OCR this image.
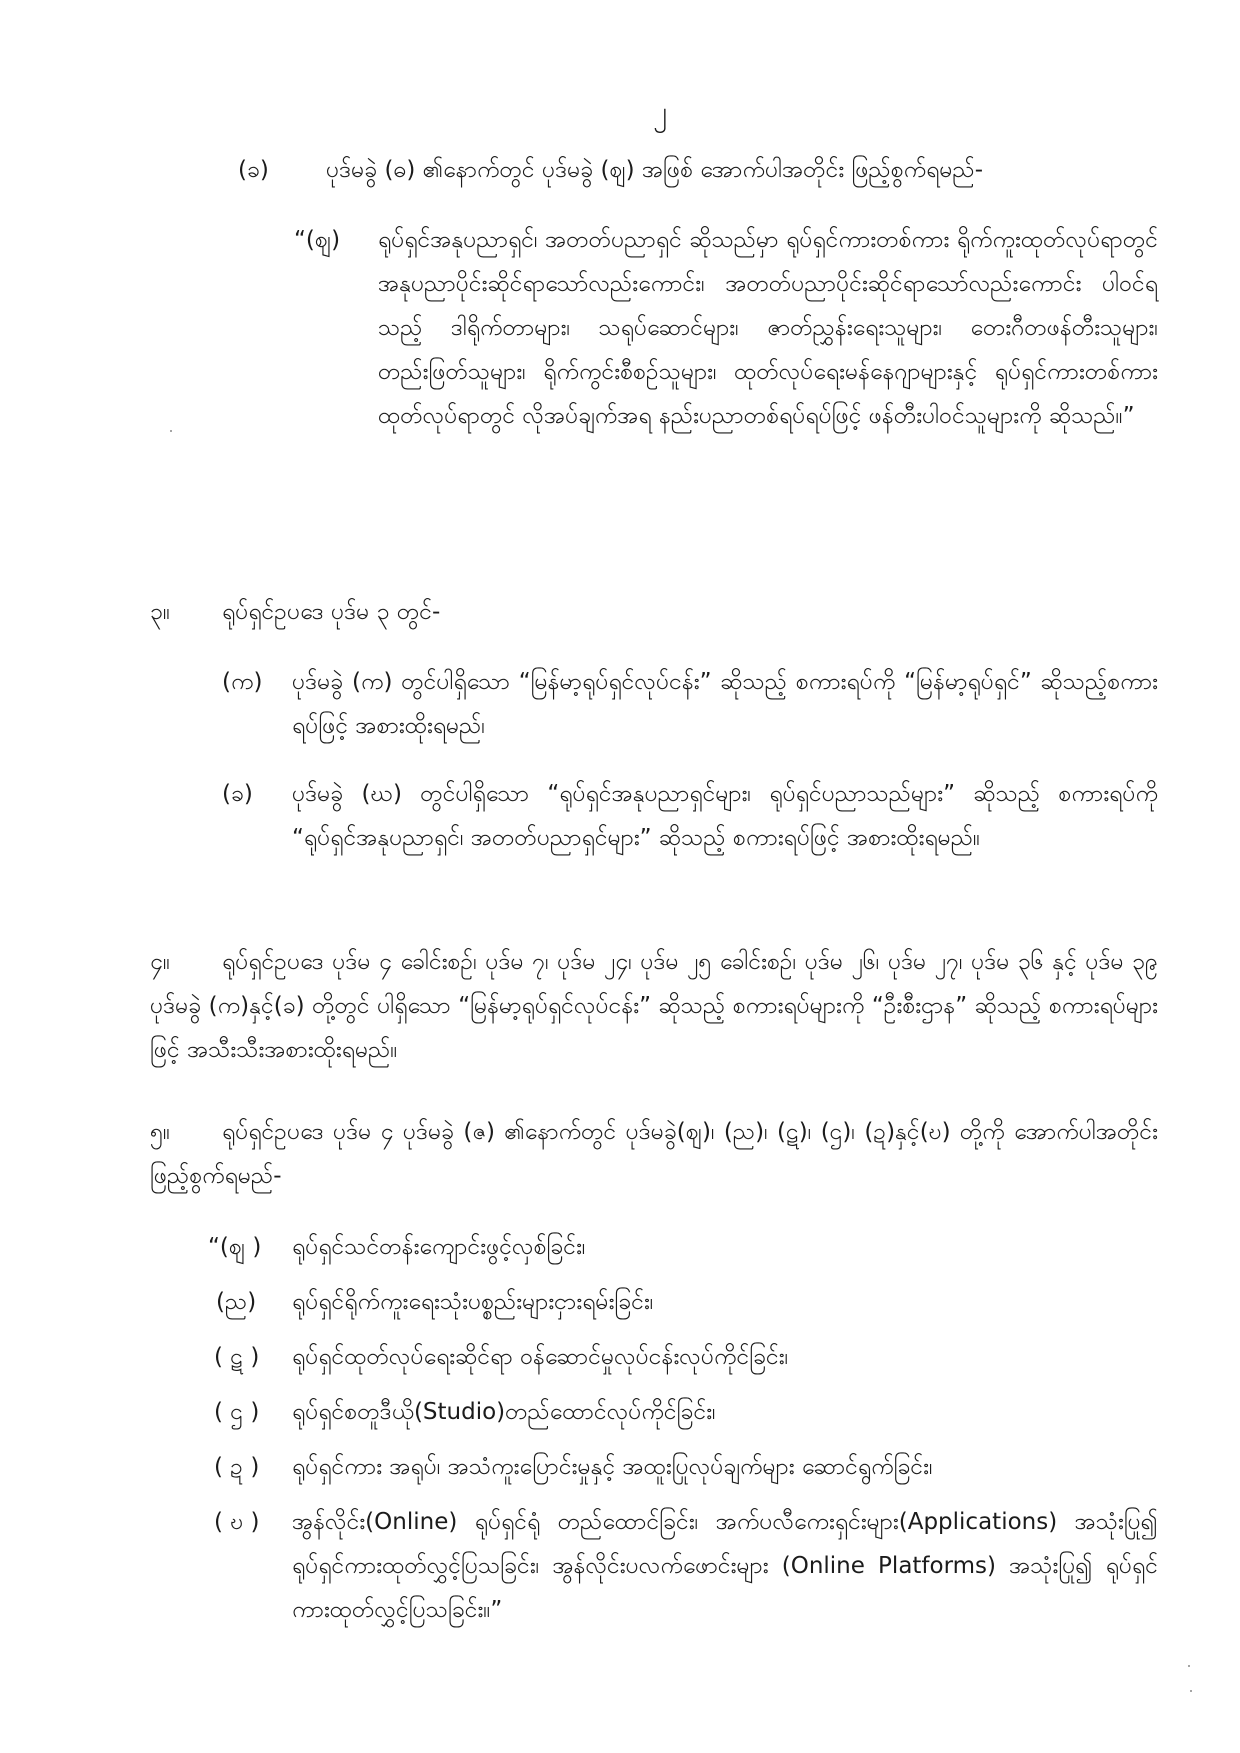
၂
(ခ) ပုဒ်မခွဲ (ဓ) ၏နောက်တွင် ပုဒ်မခွဲ (ဈ) အဖြစ် အောက်ပါအတိုင်း ဖြည့်စွက်ရမည်-
“(ဈ) ရုပ်ရှင်အနုပညာရှင်၊ အတတ်ပညာရှင် ဆိုသည်မှာ ရုပ်ရှင်ကားတစ်ကား ရိုက်ကူးထုတ်လုပ်ရာတွင် အနုပညာပိုင်းဆိုင်ရာသော်လည်းကောင်း၊ အတတ်ပညာပိုင်းဆိုင်ရာသော်လည်းကောင်း ပါဝင်ရသည့် ဒါရိုက်တာများ၊ သရုပ်ဆောင်များ၊ ဇာတ်ညွှန်းရေးသူများ၊ တေးဂီတဖန်တီးသူများ၊ တည်းဖြတ်သူများ၊ ရိုက်ကွင်းစီစဉ်သူများ၊ ထုတ်လုပ်ရေးမန်နေဂျာများနှင့် ရုပ်ရှင်ကားတစ်ကား ထုတ်လုပ်ရာတွင် လိုအပ်ချက်အရ နည်းပညာတစ်ရပ်ရပ်ဖြင့် ဖန်တီးပါဝင်သူများကို ဆိုသည်။”
၃။ ရုပ်ရှင်ဥပဒေ ပုဒ်မ ၃ တွင်-
(က) ပုဒ်မခွဲ (က) တွင်ပါရှိသော “မြန်မာ့ရုပ်ရှင်လုပ်ငန်း” ဆိုသည့် စကားရပ်ကို “မြန်မာ့ရုပ်ရှင်” ဆိုသည့်စကားရပ်ဖြင့် အစားထိုးရမည်၊
(ခ) ပုဒ်မခွဲ (ဃ) တွင်ပါရှိသော “ရုပ်ရှင်အနုပညာရှင်များ၊ ရုပ်ရှင်ပညာသည်များ” ဆိုသည့် စကားရပ်ကို “ရုပ်ရှင်အနုပညာရှင်၊ အတတ်ပညာရှင်များ” ဆိုသည့် စကားရပ်ဖြင့် အစားထိုးရမည်။
၄။	ရုပ်ရှင်ဥပဒေ ပုဒ်မ ၄ ခေါင်းစဉ်၊ ပုဒ်မ ၇၊ ပုဒ်မ ၂၄၊ ပုဒ်မ ၂၅ ခေါင်းစဉ်၊ ပုဒ်မ ၂၆၊ ပုဒ်မ ၂၇၊ ပုဒ်မ ၃၆ နှင့် ပုဒ်မ ၃၉ ပုဒ်မခွဲ (က)နှင့်(ခ) တို့တွင် ပါရှိသော “မြန်မာ့ရုပ်ရှင်လုပ်ငန်း” ဆိုသည့် စကားရပ်များကို “ဦးစီးဌာန” ဆိုသည့် စကားရပ်များဖြင့် အသီးသီးအစားထိုးရမည်။
၅။	ရုပ်ရှင်ဥပဒေ ပုဒ်မ ၄ ပုဒ်မခွဲ (ဇ) ၏နောက်တွင် ပုဒ်မခွဲ(ဈ)၊ (ည)၊ (ဋ)၊ (ဌ)၊ (ဍ)နှင့်(ဎ) တို့ကို အောက်ပါအတိုင်း ဖြည့်စွက်ရမည်-
“(ဈ ) ရုပ်ရှင်သင်တန်းကျောင်းဖွင့်လှစ်ခြင်း၊
(ည) ရုပ်ရှင်ရိုက်ကူးရေးသုံးပစ္စည်းများငှားရမ်းခြင်း၊
( ဋ ) ရုပ်ရှင်ထုတ်လုပ်ရေးဆိုင်ရာ ဝန်ဆောင်မှုလုပ်ငန်းလုပ်ကိုင်ခြင်း၊
( ဌ ) ရုပ်ရှင်စတူဒီယို(Studio)တည်ထောင်လုပ်ကိုင်ခြင်း၊
( ဍ ) ရုပ်ရှင်ကား အရုပ်၊ အသံကူးပြောင်းမှုနှင့် အထူးပြုလုပ်ချက်များ ဆောင်ရွက်ခြင်း၊
( ဎ ) အွန်လိုင်း(Online) ရုပ်ရှင်ရုံ တည်ထောင်ခြင်း၊ အက်ပလီကေးရှင်းများ(Applications) အသုံးပြု၍ ရုပ်ရှင်ကားထုတ်လွှင့်ပြသခြင်း၊ အွန်လိုင်းပလက်ဖောင်းများ (Online Platforms) အသုံးပြု၍ ရုပ်ရှင်ကားထုတ်လွှင့်ပြသခြင်း။”
